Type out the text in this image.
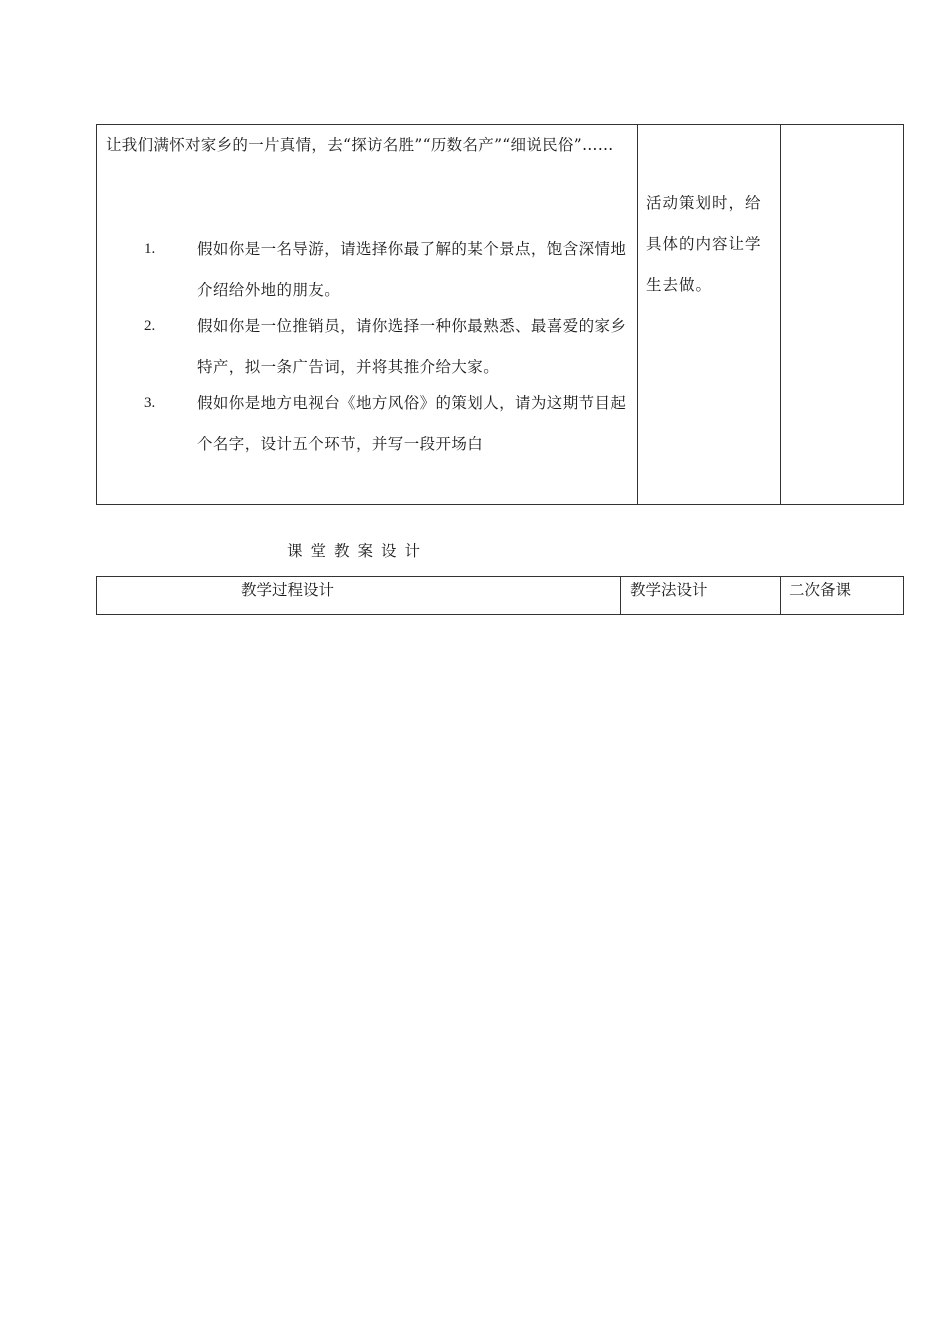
让我们满怀对家乡的一片真情，去“探访名胜”“历数名产”“细说民俗”……
1.	假如你是一名导游，请选择你最了解的某个景点，饱含深情地介绍给外地的朋友。
2.	假如你是一位推销员，请你选择一种你最熟悉、最喜爱的家乡特产，拟一条广告词，并将其推介给大家。
3.	假如你是地方电视台《地方风俗》的策划人，请为这期节目起个名字，设计五个环节，并写一段开场白
活动策划时，给具体的内容让学生去做。
课堂教案设计
教学过程设计	教学法设计	二次备课
